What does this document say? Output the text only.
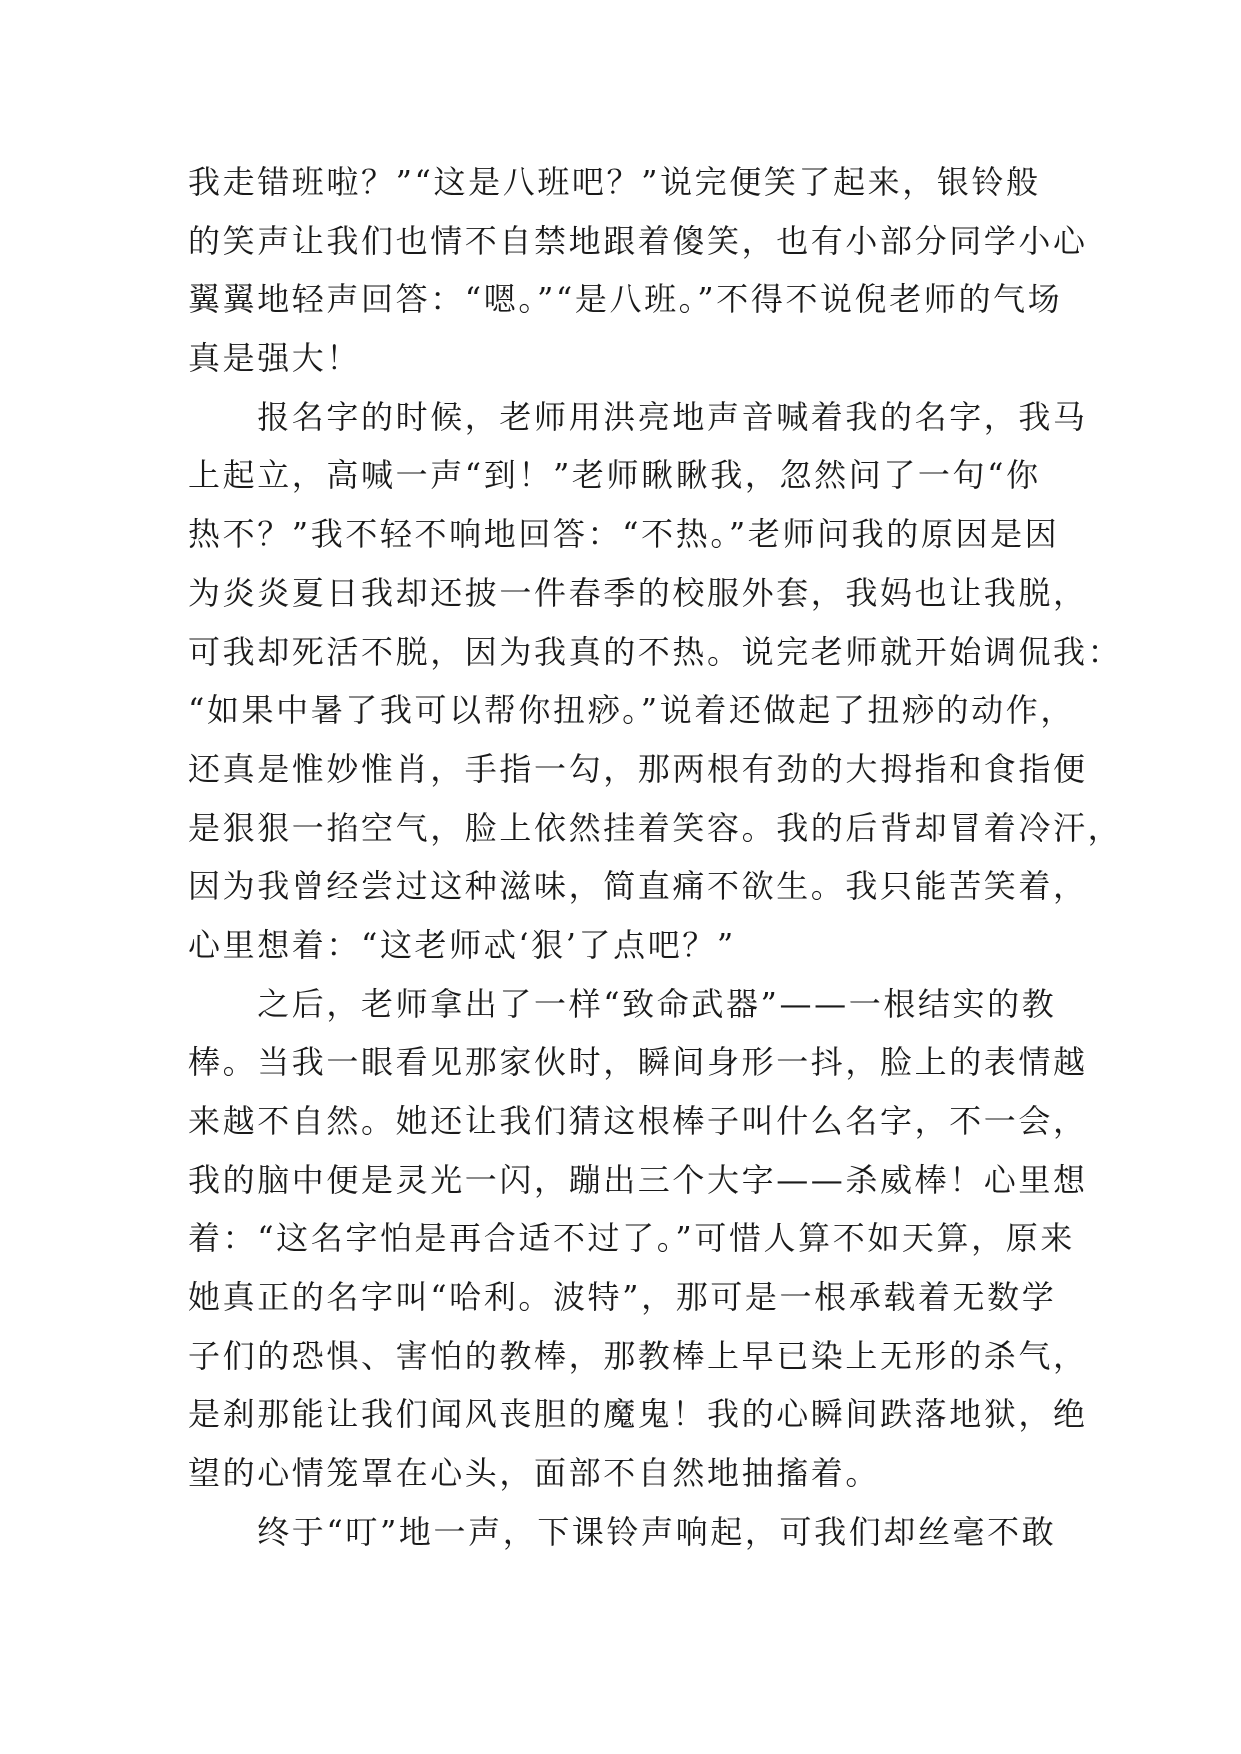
我走错班啦？”“这是八班吧？”说完便笑了起来，银铃般
的笑声让我们也情不自禁地跟着傻笑，也有小部分同学小心
翼翼地轻声回答：“嗯。”“是八班。”不得不说倪老师的气场
真是强大！
　　报名字的时候，老师用洪亮地声音喊着我的名字，我马
上起立，高喊一声“到！”老师瞅瞅我，忽然问了一句“你
热不？”我不轻不响地回答：“不热。”老师问我的原因是因
为炎炎夏日我却还披一件春季的校服外套，我妈也让我脱，
可我却死活不脱，因为我真的不热。说完老师就开始调侃我：
“如果中暑了我可以帮你扭痧。”说着还做起了扭痧的动作，
还真是惟妙惟肖，手指一勾，那两根有劲的大拇指和食指便
是狠狠一掐空气，脸上依然挂着笑容。我的后背却冒着冷汗，
因为我曾经尝过这种滋味，简直痛不欲生。我只能苦笑着，
心里想着：“这老师忒‘狠’了点吧？”
　　之后，老师拿出了一样“致命武器”——一根结实的教
棒。当我一眼看见那家伙时，瞬间身形一抖，脸上的表情越
来越不自然。她还让我们猜这根棒子叫什么名字，不一会，
我的脑中便是灵光一闪，蹦出三个大字——杀威棒！心里想
着：“这名字怕是再合适不过了。”可惜人算不如天算，原来
她真正的名字叫“哈利。波特”，那可是一根承载着无数学
子们的恐惧、害怕的教棒，那教棒上早已染上无形的杀气，
是刹那能让我们闻风丧胆的魔鬼！我的心瞬间跌落地狱，绝
望的心情笼罩在心头，面部不自然地抽搐着。
　　终于“叮”地一声，下课铃声响起，可我们却丝毫不敢
